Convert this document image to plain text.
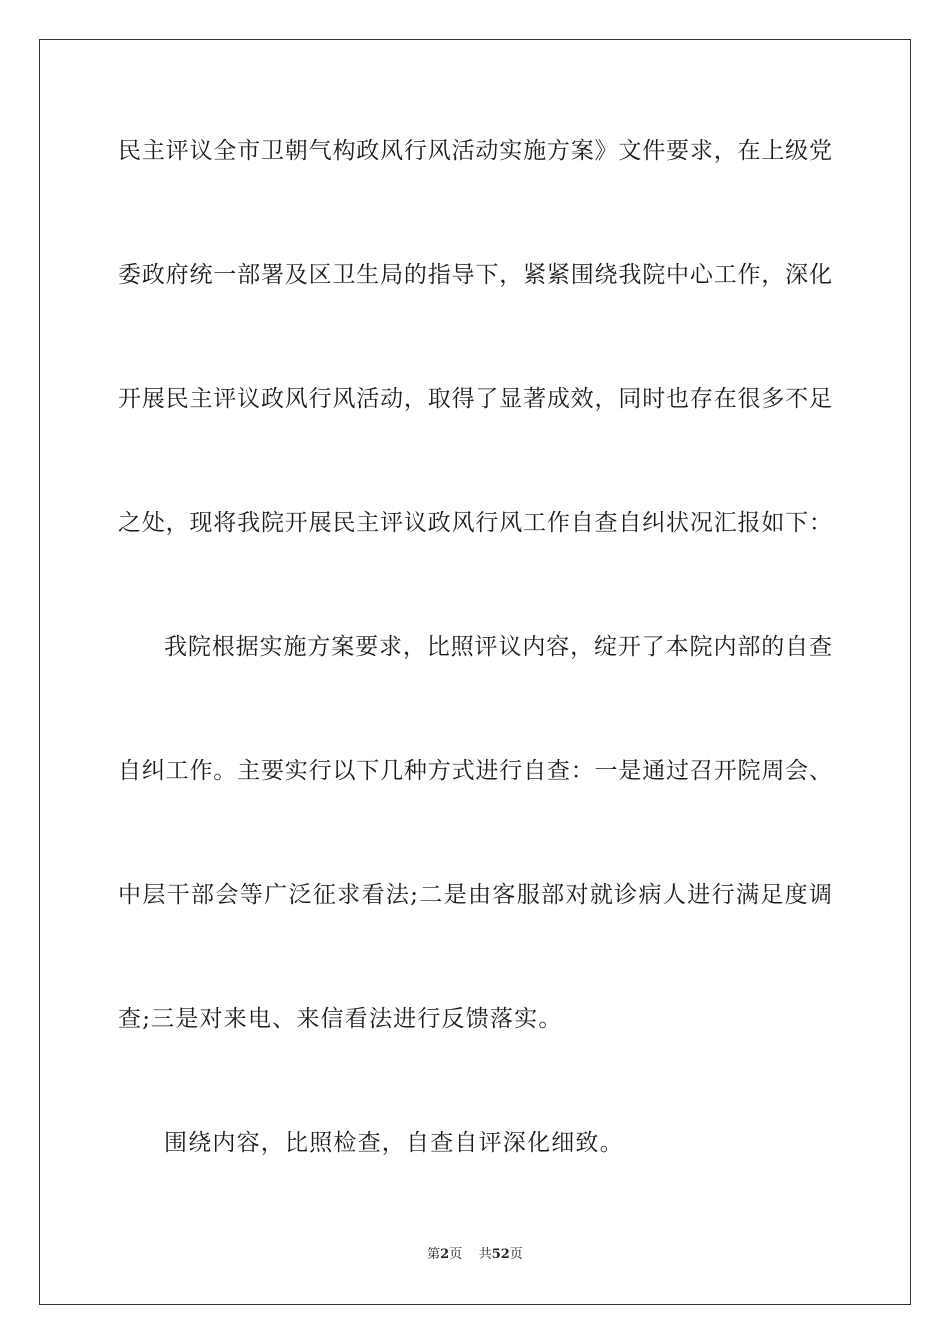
民主评议全市卫朝气构政风行风活动实施方案》文件要求，在上级党
委政府统一部署及区卫生局的指导下，紧紧围绕我院中心工作，深化
开展民主评议政风行风活动，取得了显著成效，同时也存在很多不足
之处，现将我院开展民主评议政风行风工作自查自纠状况汇报如下：
我院根据实施方案要求，比照评议内容，绽开了本院内部的自查
自纠工作。主要实行以下几种方式进行自查：一是通过召开院周会、
中层干部会等广泛征求看法;二是由客服部对就诊病人进行满足度调
查;三是对来电、来信看法进行反馈落实。
围绕内容，比照检查，自查自评深化细致。
第2页 共52页
